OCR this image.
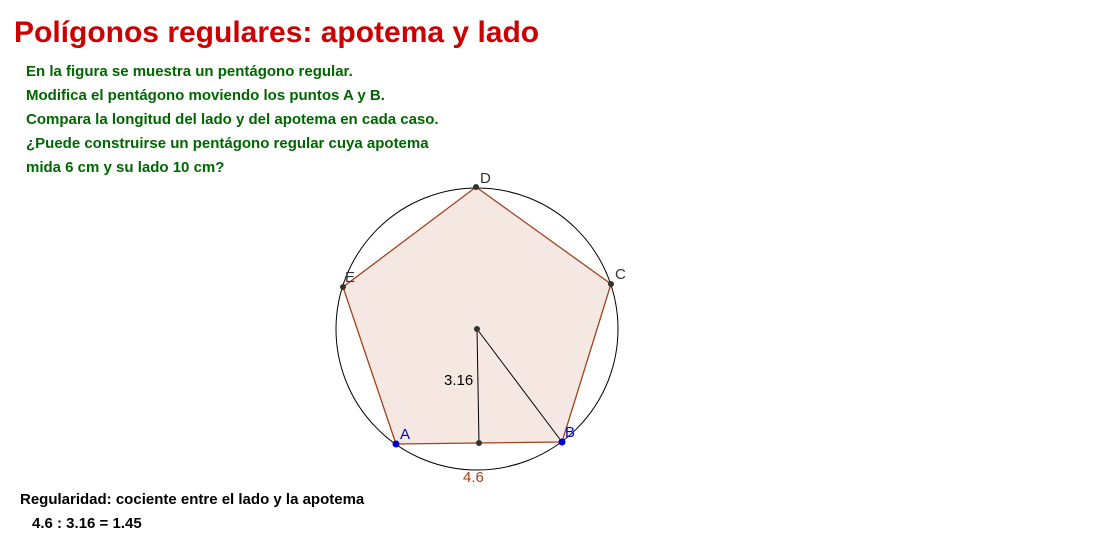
Polígonos regulares: apotema y lado
En la figura se muestra un pentágono regular.
Modifica el pentágono moviendo los puntos A y B.
Compara la longitud del lado y del apotema en cada caso.
¿Puede construirse un pentágono regular cuya apotema
mida 6 cm y su lado 10 cm?
D
C
E
A	B
3.16
4.6
Regularidad: cociente entre el lado y la apotema
4.6 : 3.16 = 1.45
